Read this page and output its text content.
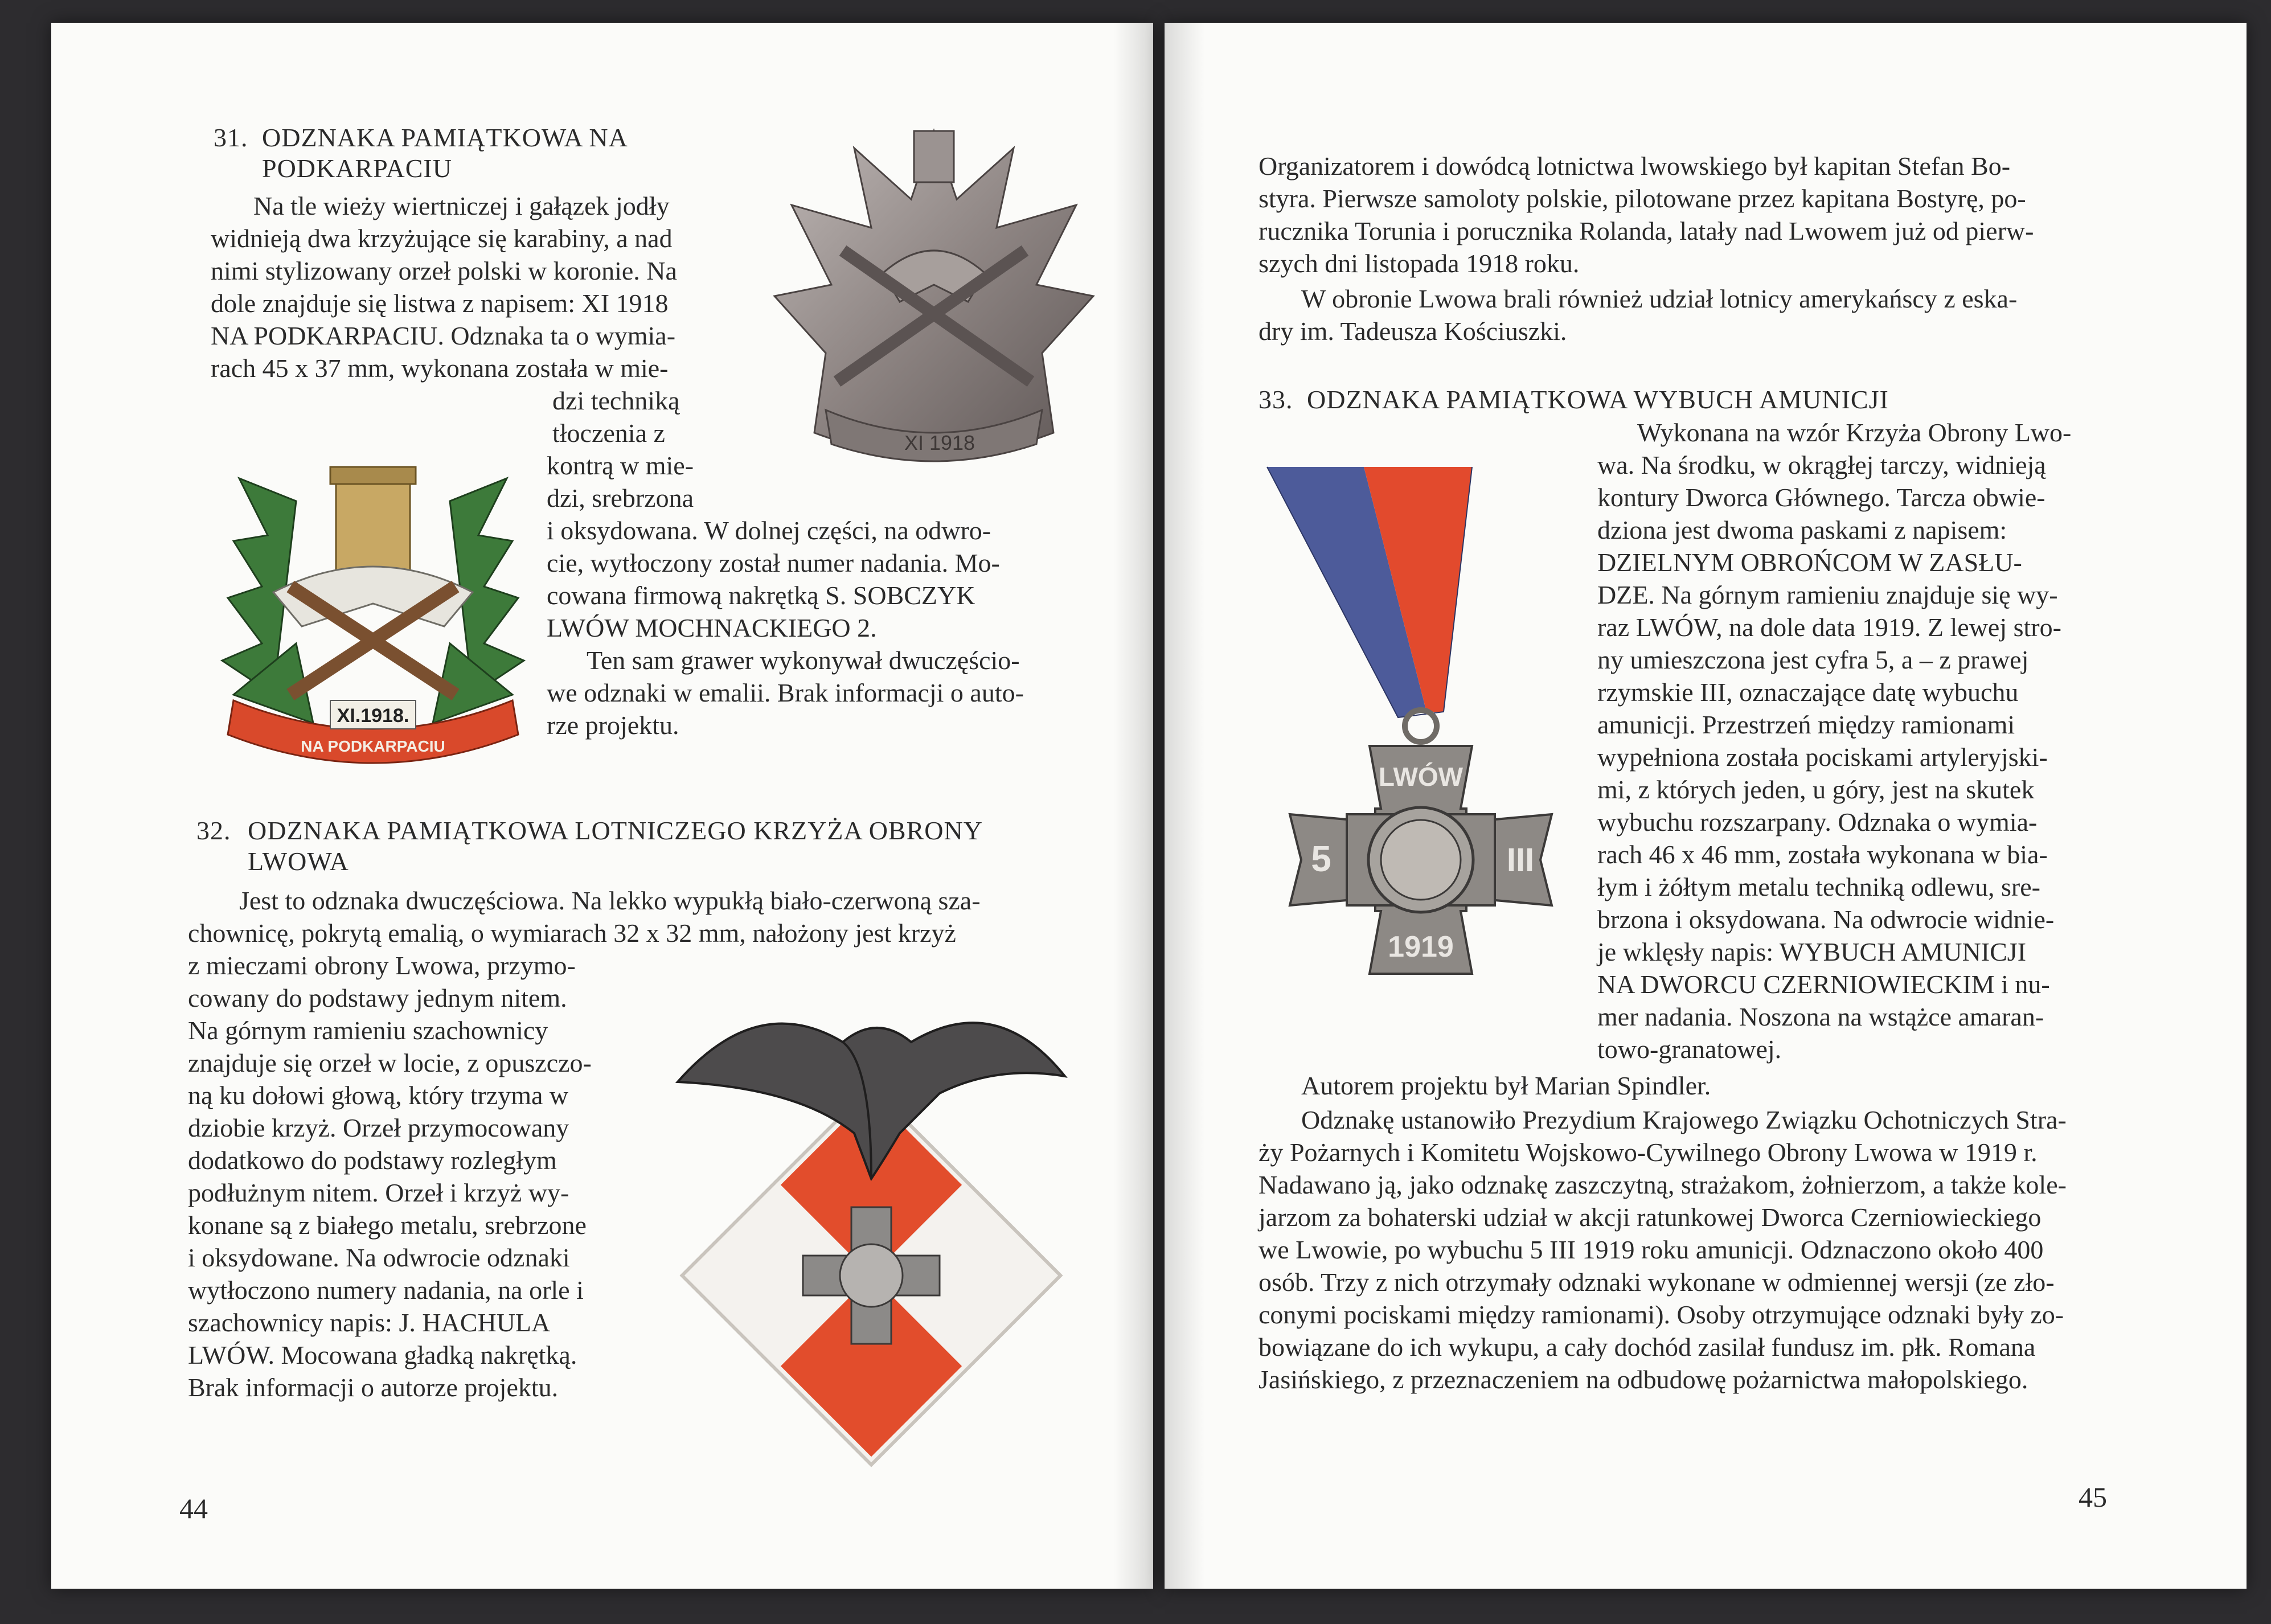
31. ODZNAKA PAMIĄTKOWA NA
PODKARPACIU
Na tle wieży wiertniczej i gałązek jodły
widnieją dwa krzyżujące się karabiny, a nad
nimi stylizowany orzeł polski w koronie. Na
dole znajduje się listwa z napisem: XI 1918
NA PODKARPACIU. Odznaka ta o wymia-
rach 45 x 37 mm, wykonana została w mie-
dzi techniką
tłoczenia z
kontrą w mie-
dzi, srebrzona
i oksydowana. W dolnej części, na odwro-
cie, wytłoczony został numer nadania. Mo-
cowana firmową nakrętką S. SOBCZYK
LWÓW MOCHNACKIEGO 2.
Ten sam grawer wykonywał dwuczęścio-
we odznaki w emalii. Brak informacji o auto-
rze projektu.
XI 1918
XI.1918.
NA PODKARPACIU
32. ODZNAKA PAMIĄTKOWA LOTNICZEGO KRZYŻA OBRONY
LWOWA
Jest to odznaka dwuczęściowa. Na lekko wypukłą biało-czerwoną sza-
chownicę, pokrytą emalią, o wymiarach 32 x 32 mm, nałożony jest krzyż
z mieczami obrony Lwowa, przymo-
cowany do podstawy jednym nitem.
Na górnym ramieniu szachownicy
znajduje się orzeł w locie, z opuszczo-
ną ku dołowi głową, który trzyma w
dziobie krzyż. Orzeł przymocowany
dodatkowo do podstawy rozległym
podłużnym nitem. Orzeł i krzyż wy-
konane są z białego metalu, srebrzone
i oksydowane. Na odwrocie odznaki
wytłoczono numery nadania, na orle i
szachownicy napis: J. HACHULA
LWÓW. Mocowana gładką nakrętką.
Brak informacji o autorze projektu.
44
Organizatorem i dowódcą lotnictwa lwowskiego był kapitan Stefan Bo-
styra. Pierwsze samoloty polskie, pilotowane przez kapitana Bostyrę, po-
rucznika Torunia i porucznika Rolanda, latały nad Lwowem już od pierw-
szych dni listopada 1918 roku.
W obronie Lwowa brali również udział lotnicy amerykańscy z eska-
dry im. Tadeusza Kościuszki.
33. ODZNAKA PAMIĄTKOWA WYBUCH AMUNICJI
Wykonana na wzór Krzyża Obrony Lwo-
wa. Na środku, w okrągłej tarczy, widnieją
kontury Dworca Głównego. Tarcza obwie-
dziona jest dwoma paskami z napisem:
DZIELNYM OBROŃCOM W ZASŁU-
DZE. Na górnym ramieniu znajduje się wy-
raz LWÓW, na dole data 1919. Z lewej stro-
ny umieszczona jest cyfra 5, a – z prawej
rzymskie III, oznaczające datę wybuchu
amunicji. Przestrzeń między ramionami
wypełniona została pociskami artyleryjski-
mi, z których jeden, u góry, jest na skutek
wybuchu rozszarpany. Odznaka o wymia-
rach 46 x 46 mm, została wykonana w bia-
łym i żółtym metalu techniką odlewu, sre-
brzona i oksydowana. Na odwrocie widnie-
je wklęsły napis: WYBUCH AMUNICJI
NA DWORCU CZERNIOWIECKIM i nu-
mer nadania. Noszona na wstążce amaran-
towo-granatowej.
Autorem projektu był Marian Spindler.
Odznakę ustanowiło Prezydium Krajowego Związku Ochotniczych Stra-
ży Pożarnych i Komitetu Wojskowo-Cywilnego Obrony Lwowa w 1919 r.
Nadawano ją, jako odznakę zaszczytną, strażakom, żołnierzom, a także kole-
jarzom za bohaterski udział w akcji ratunkowej Dworca Czerniowieckiego
we Lwowie, po wybuchu 5 III 1919 roku amunicji. Odznaczono około 400
osób. Trzy z nich otrzymały odznaki wykonane w odmiennej wersji (ze zło-
conymi pociskami między ramionami). Osoby otrzymujące odznaki były zo-
bowiązane do ich wykupu, a cały dochód zasilał fundusz im. płk. Romana
Jasińskiego, z przeznaczeniem na odbudowę pożarnictwa małopolskiego.
LWÓW
5	III
1919
45
